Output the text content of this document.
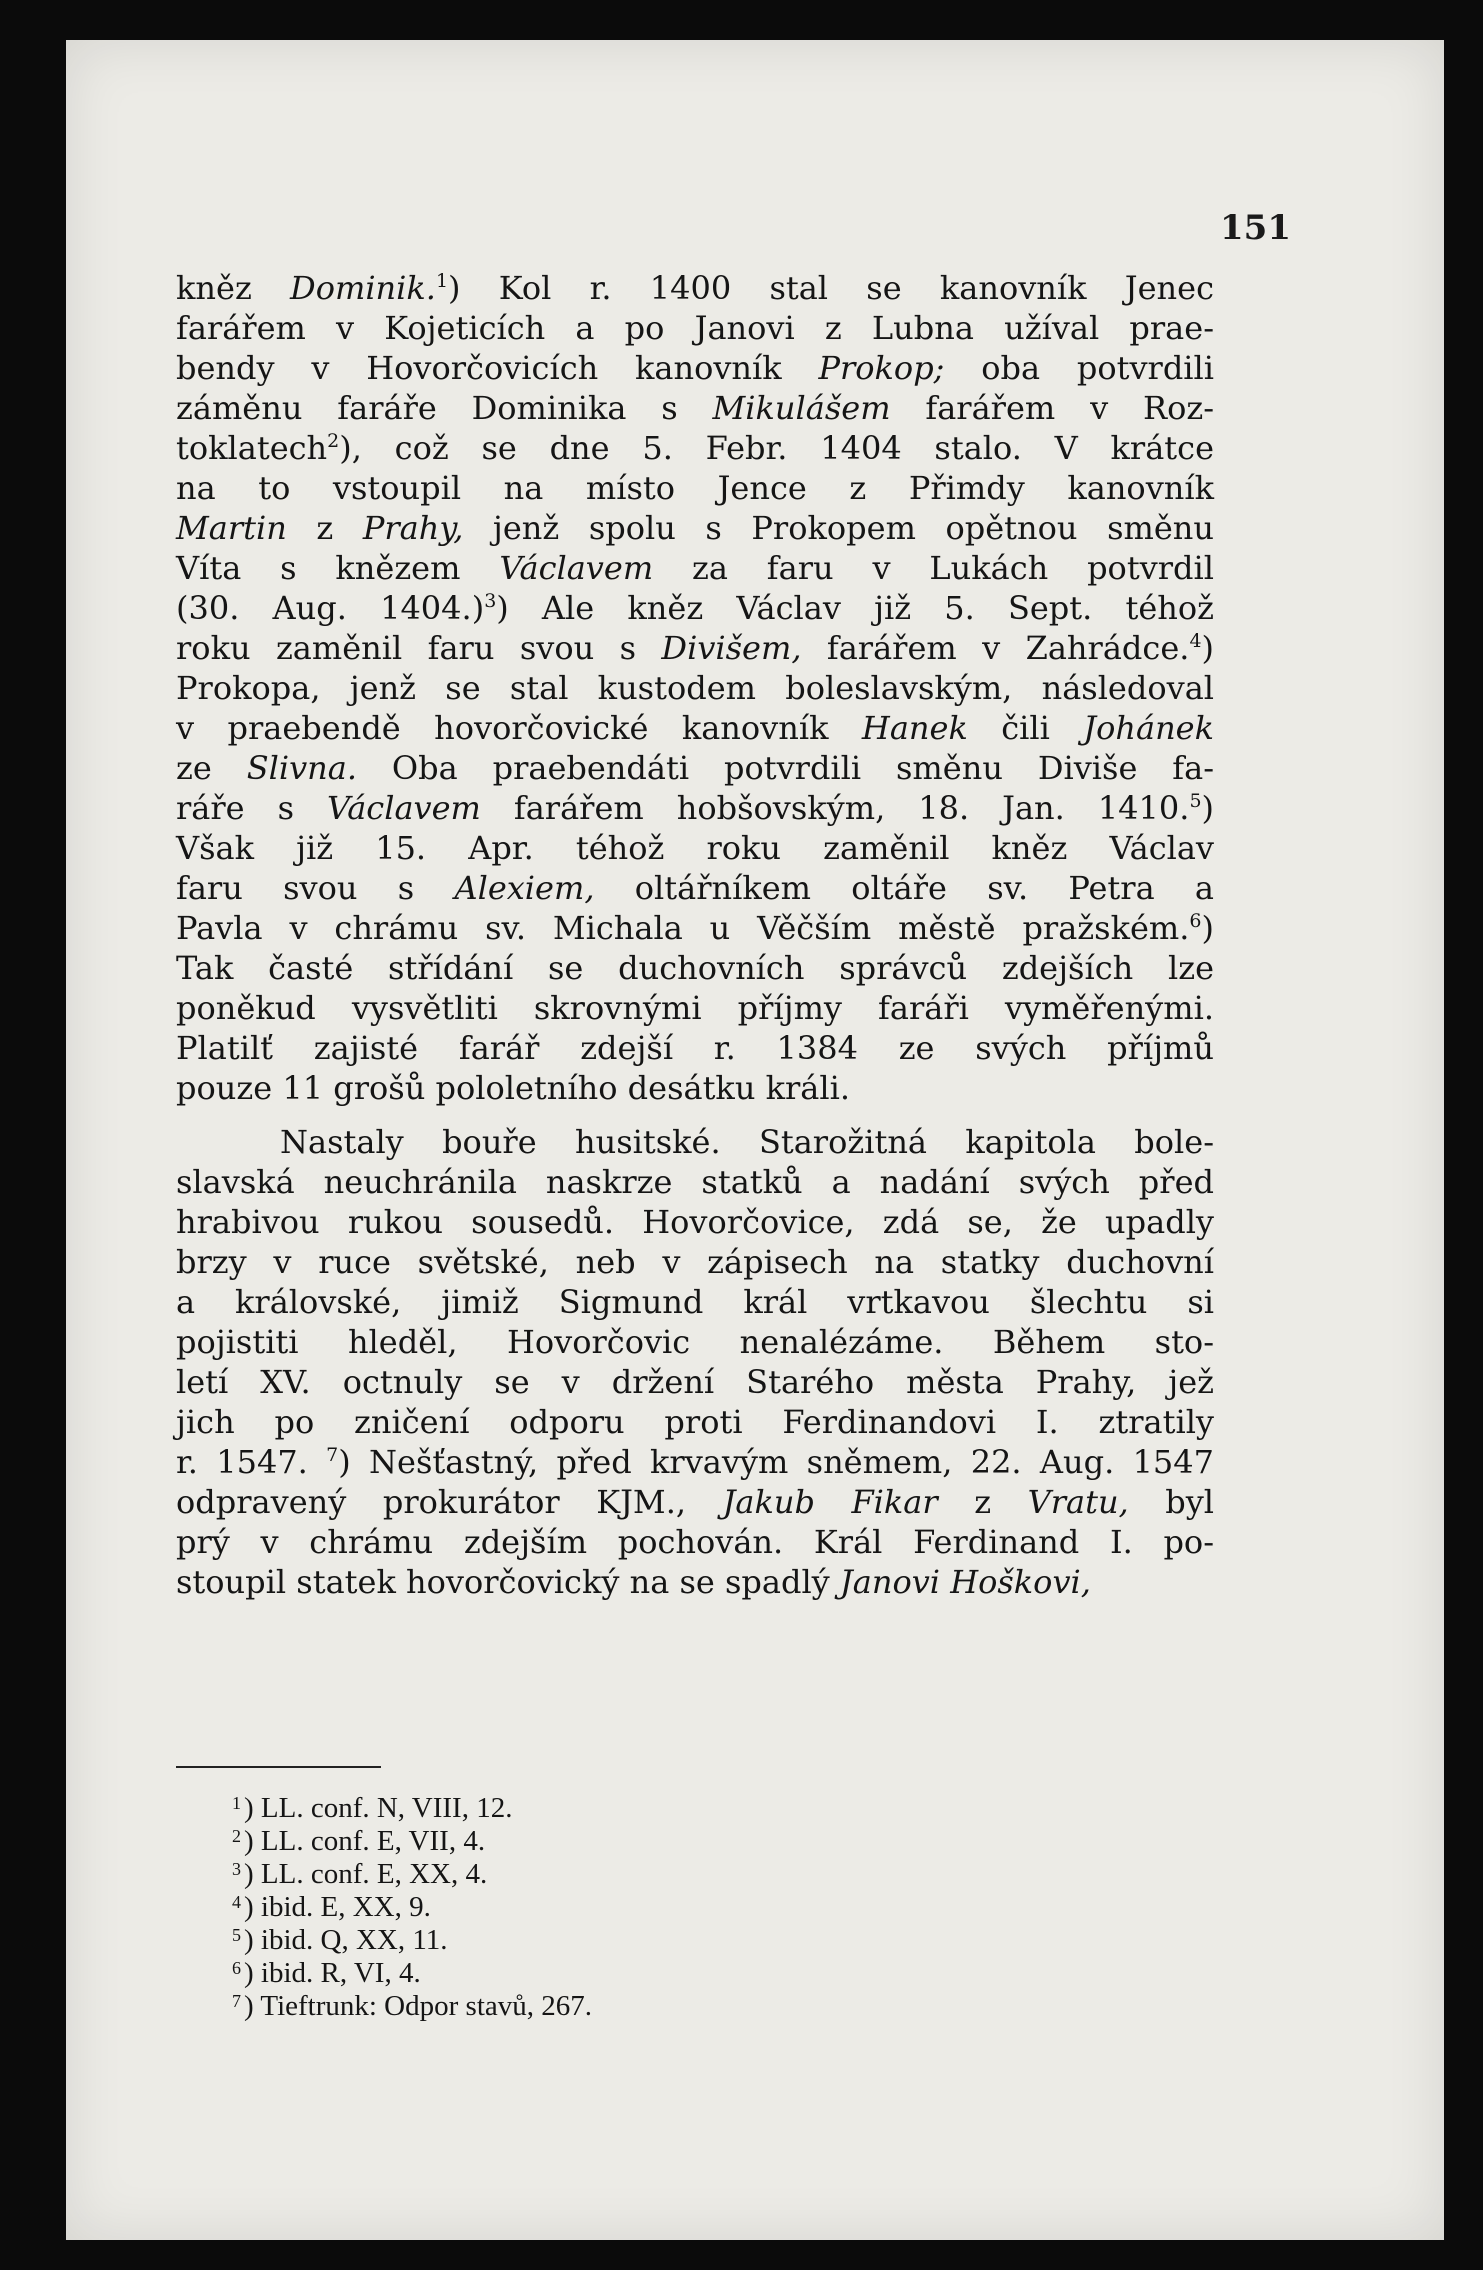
151
kněz Dominik.$^1$) Kol r. 1400 stal se kanovník Jenec
farářem v Kojeticích a po Janovi z Lubna užíval prae-
bendy v Hovorčovicích kanovník Prokop; oba potvrdili
záměnu faráře Dominika s Mikulášem farářem v Roz-
toklatech$^2$), což se dne 5. Febr. 1404 stalo. V krátce
na to vstoupil na místo Jence z Přimdy kanovník
Martin z Prahy, jenž spolu s Prokopem opětnou směnu
Víta s knězem Václavem za faru v Lukách potvrdil
(30. Aug. 1404.)$^3$) Ale kněz Václav již 5. Sept. téhož
roku zaměnil faru svou s Divišem, farářem v Zahrádce.$^4$)
Prokopa, jenž se stal kustodem boleslavským, následoval
v praebendě hovorčovické kanovník Hanek čili Johánek
ze Slivna. Oba praebendáti potvrdili směnu Diviše fa-
ráře s Václavem farářem hobšovským, 18. Jan. 1410.$^5$)
Však již 15. Apr. téhož roku zaměnil kněz Václav
faru svou s Alexiem, oltářníkem oltáře sv. Petra a
Pavla v chrámu sv. Michala u Věčším městě pražském.$^6$)
Tak časté střídání se duchovních správců zdejších lze
poněkud vysvětliti skrovnými příjmy faráři vyměřenými.
Platilť zajisté farář zdejší r. 1384 ze svých příjmů
pouze 11 grošů pololetního desátku králi.
Nastaly bouře husitské. Starožitná kapitola bole-
slavská neuchránila naskrze statků a nadání svých před
hrabivou rukou sousedů. Hovorčovice, zdá se, že upadly
brzy v ruce světské, neb v zápisech na statky duchovní
a královské, jimiž Sigmund král vrtkavou šlechtu si
pojistiti hleděl, Hovorčovic nenalézáme. Během sto-
letí XV. octnuly se v držení Starého města Prahy, jež
jich po zničení odporu proti Ferdinandovi I. ztratily
r. 1547. $^7$) Nešťastný, před krvavým sněmem, 22. Aug. 1547
odpravený prokurátor KJM., Jakub Fikar z Vratu, byl
prý v chrámu zdejším pochován. Král Ferdinand I. po-
stoupil statek hovorčovický na se spadlý Janovi Hoškovi,
$^1$ ) LL. conf. N, VIII, 12.
$^2$ ) LL. conf. E, VII, 4.
$^3$ ) LL. conf. E, XX, 4.
$^4$ ) ibid. E, XX, 9.
$^5$ ) ibid. Q, XX, 11.
$^6$ ) ibid. R, VI, 4.
$^7$ ) Tieftrunk: Odpor stavů, 267.
